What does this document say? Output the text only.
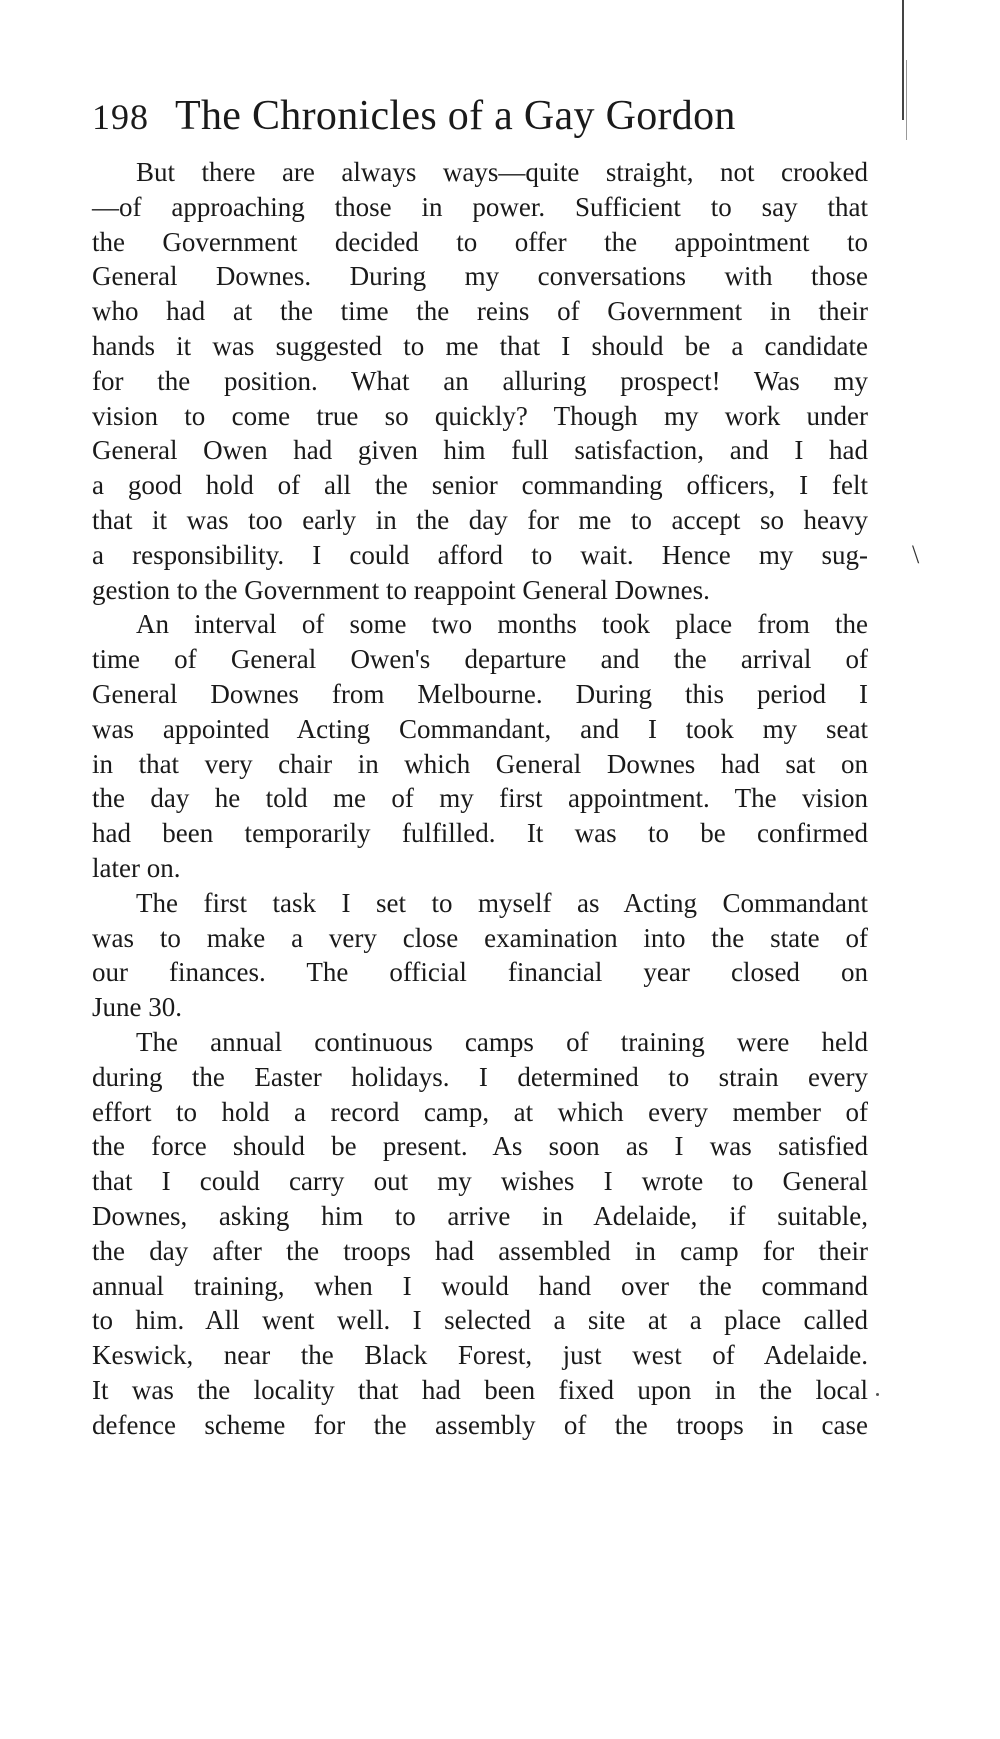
198 The Chronicles of a Gay Gordon
But there are always ways—quite straight, not crooked
—of approaching those in power. Sufficient to say that
the Government decided to offer the appointment to
General Downes. During my conversations with those
who had at the time the reins of Government in their
hands it was suggested to me that I should be a candidate
for the position. What an alluring prospect! Was my
vision to come true so quickly? Though my work under
General Owen had given him full satisfaction, and I had
a good hold of all the senior commanding officers, I felt
that it was too early in the day for me to accept so heavy
a responsibility. I could afford to wait. Hence my sug-
gestion to the Government to reappoint General Downes.
An interval of some two months took place from the
time of General Owen's departure and the arrival of
General Downes from Melbourne. During this period I
was appointed Acting Commandant, and I took my seat
in that very chair in which General Downes had sat on
the day he told me of my first appointment. The vision
had been temporarily fulfilled. It was to be confirmed
later on.
The first task I set to myself as Acting Commandant
was to make a very close examination into the state of
our finances. The official financial year closed on
June 30.
The annual continuous camps of training were held
during the Easter holidays. I determined to strain every
effort to hold a record camp, at which every member of
the force should be present. As soon as I was satisfied
that I could carry out my wishes I wrote to General
Downes, asking him to arrive in Adelaide, if suitable,
the day after the troops had assembled in camp for their
annual training, when I would hand over the command
to him. All went well. I selected a site at a place called
Keswick, near the Black Forest, just west of Adelaide.
It was the locality that had been fixed upon in the local
defence scheme for the assembly of the troops in case
\
